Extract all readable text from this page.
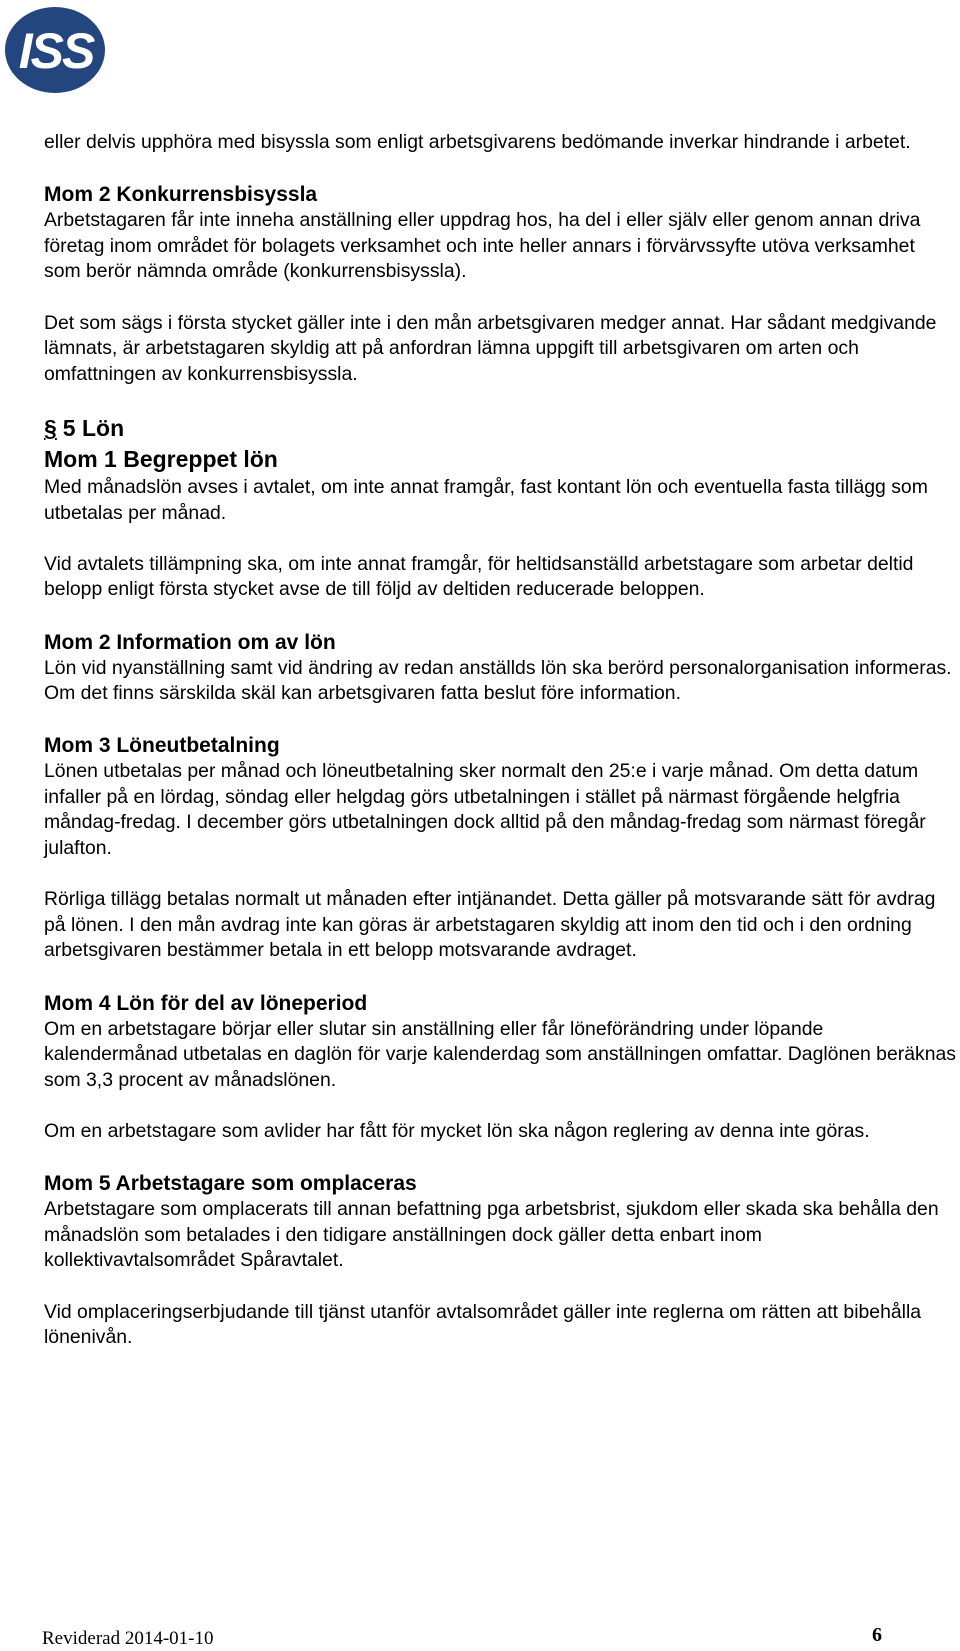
ISS

eller delvis upphöra med bisyssla som enligt arbetsgivarens bedömande inverkar hindrande i arbetet.

Mom 2 Konkurrensbisyssla

Arbetstagaren får inte inneha anställning eller uppdrag hos, ha del i eller själv eller genom annan driva företag inom området för bolagets verksamhet och inte heller annars i förvärvssyfte utöva verksamhet som berör nämnda område (konkurrensbisyssla).

Det som sägs i första stycket gäller inte i den mån arbetsgivaren medger annat. Har sådant medgivande lämnats, är arbetstagaren skyldig att på anfordran lämna uppgift till arbetsgivaren om arten och omfattningen av konkurrensbisyssla.

§ 5 Lön

Mom 1 Begreppet lön

Med månadslön avses i avtalet, om inte annat framgår, fast kontant lön och eventuella fasta tillägg som utbetalas per månad.

Vid avtalets tillämpning ska, om inte annat framgår, för heltidsanställd arbetstagare som arbetar deltid belopp enligt första stycket avse de till följd av deltiden reducerade beloppen.

Mom 2 Information om av lön

Lön vid nyanställning samt vid ändring av redan anställds lön ska berörd personalorganisation informeras. Om det finns särskilda skäl kan arbetsgivaren fatta beslut före information.

Mom 3 Löneutbetalning

Lönen utbetalas per månad och löneutbetalning sker normalt den 25:e i varje månad. Om detta datum infaller på en lördag, söndag eller helgdag görs utbetalningen i stället på närmast förgående helgfria måndag-fredag. I december görs utbetalningen dock alltid på den måndag-fredag som närmast föregår julafton.

Rörliga tillägg betalas normalt ut månaden efter intjänandet. Detta gäller på motsvarande sätt för avdrag på lönen. I den mån avdrag inte kan göras är arbetstagaren skyldig att inom den tid och i den ordning arbetsgivaren bestämmer betala in ett belopp motsvarande avdraget.

Mom 4 Lön för del av löneperiod

Om en arbetstagare börjar eller slutar sin anställning eller får löneförändring under löpande kalendermånad utbetalas en daglön för varje kalenderdag som anställningen omfattar. Daglönen beräknas som 3,3 procent av månadslönen.

Om en arbetstagare som avlider har fått för mycket lön ska någon reglering av denna inte göras.

Mom 5 Arbetstagare som omplaceras

Arbetstagare som omplacerats till annan befattning pga arbetsbrist, sjukdom eller skada ska behålla den månadslön som betalades i den tidigare anställningen dock gäller detta enbart inom kollektivavtalsområdet Spåravtalet.

Vid omplaceringserbjudande till tjänst utanför avtalsområdet gäller inte reglerna om rätten att bibehålla lönenivån.

Reviderad 2014-01-10	6
